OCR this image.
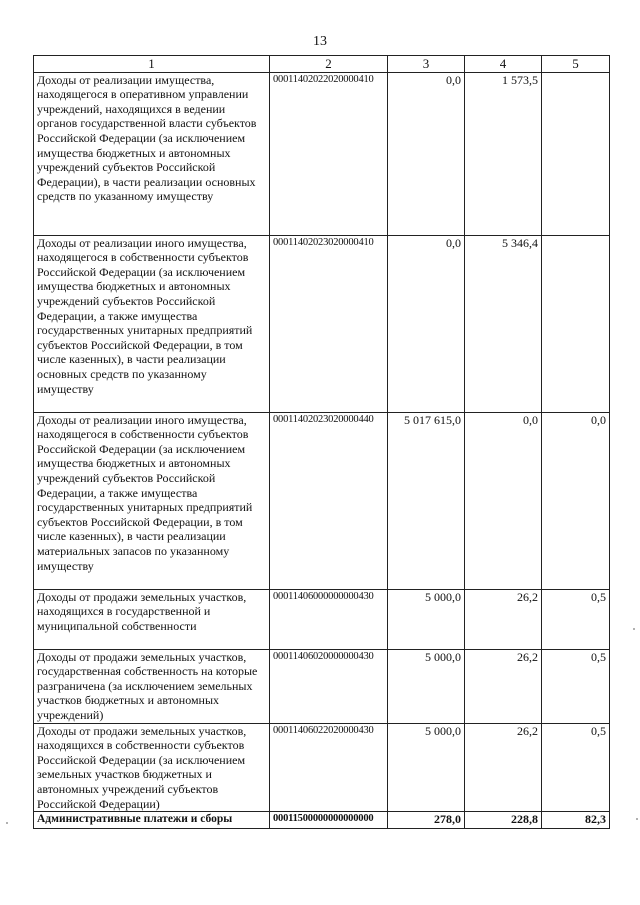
13
1	2	3	4	5
Доходы от реализации имущества, находящегося в оперативном управлении учреждений, находящихся в ведении органов государственной власти субъектов Российской Федерации (за исключением имущества бюджетных и автономных учреждений субъектов Российской Федерации), в части реализации основных средств по указанному имуществу	00011402022020000410	0,0	1 573,5	
Доходы от реализации иного имущества, находящегося в собственности субъектов Российской Федерации (за исключением имущества бюджетных и автономных учреждений субъектов Российской Федерации, а также имущества государственных унитарных предприятий субъектов Российской Федерации, в том числе казенных), в части реализации основных средств по указанному имуществу	00011402023020000410	0,0	5 346,4	
Доходы от реализации иного имущества, находящегося в собственности субъектов Российской Федерации (за исключением имущества бюджетных и автономных учреждений субъектов Российской Федерации, а также имущества государственных унитарных предприятий субъектов Российской Федерации, в том числе казенных), в части реализации материальных запасов по указанному имуществу	00011402023020000440	5 017 615,0	0,0	0,0
Доходы от продажи земельных участков, находящихся в государственной и муниципальной собственности	00011406000000000430	5 000,0	26,2	0,5
Доходы от продажи земельных участков, государственная собственность на которые разграничена (за исключением земельных участков бюджетных и автономных учреждений)	00011406020000000430	5 000,0	26,2	0,5
Доходы от продажи земельных участков, находящихся в собственности субъектов Российской Федерации (за исключением земельных участков бюджетных и автономных учреждений субъектов Российской Федерации)	00011406022020000430	5 000,0	26,2	0,5
Административные платежи и сборы	00011500000000000000	278,0	228,8	82,3
